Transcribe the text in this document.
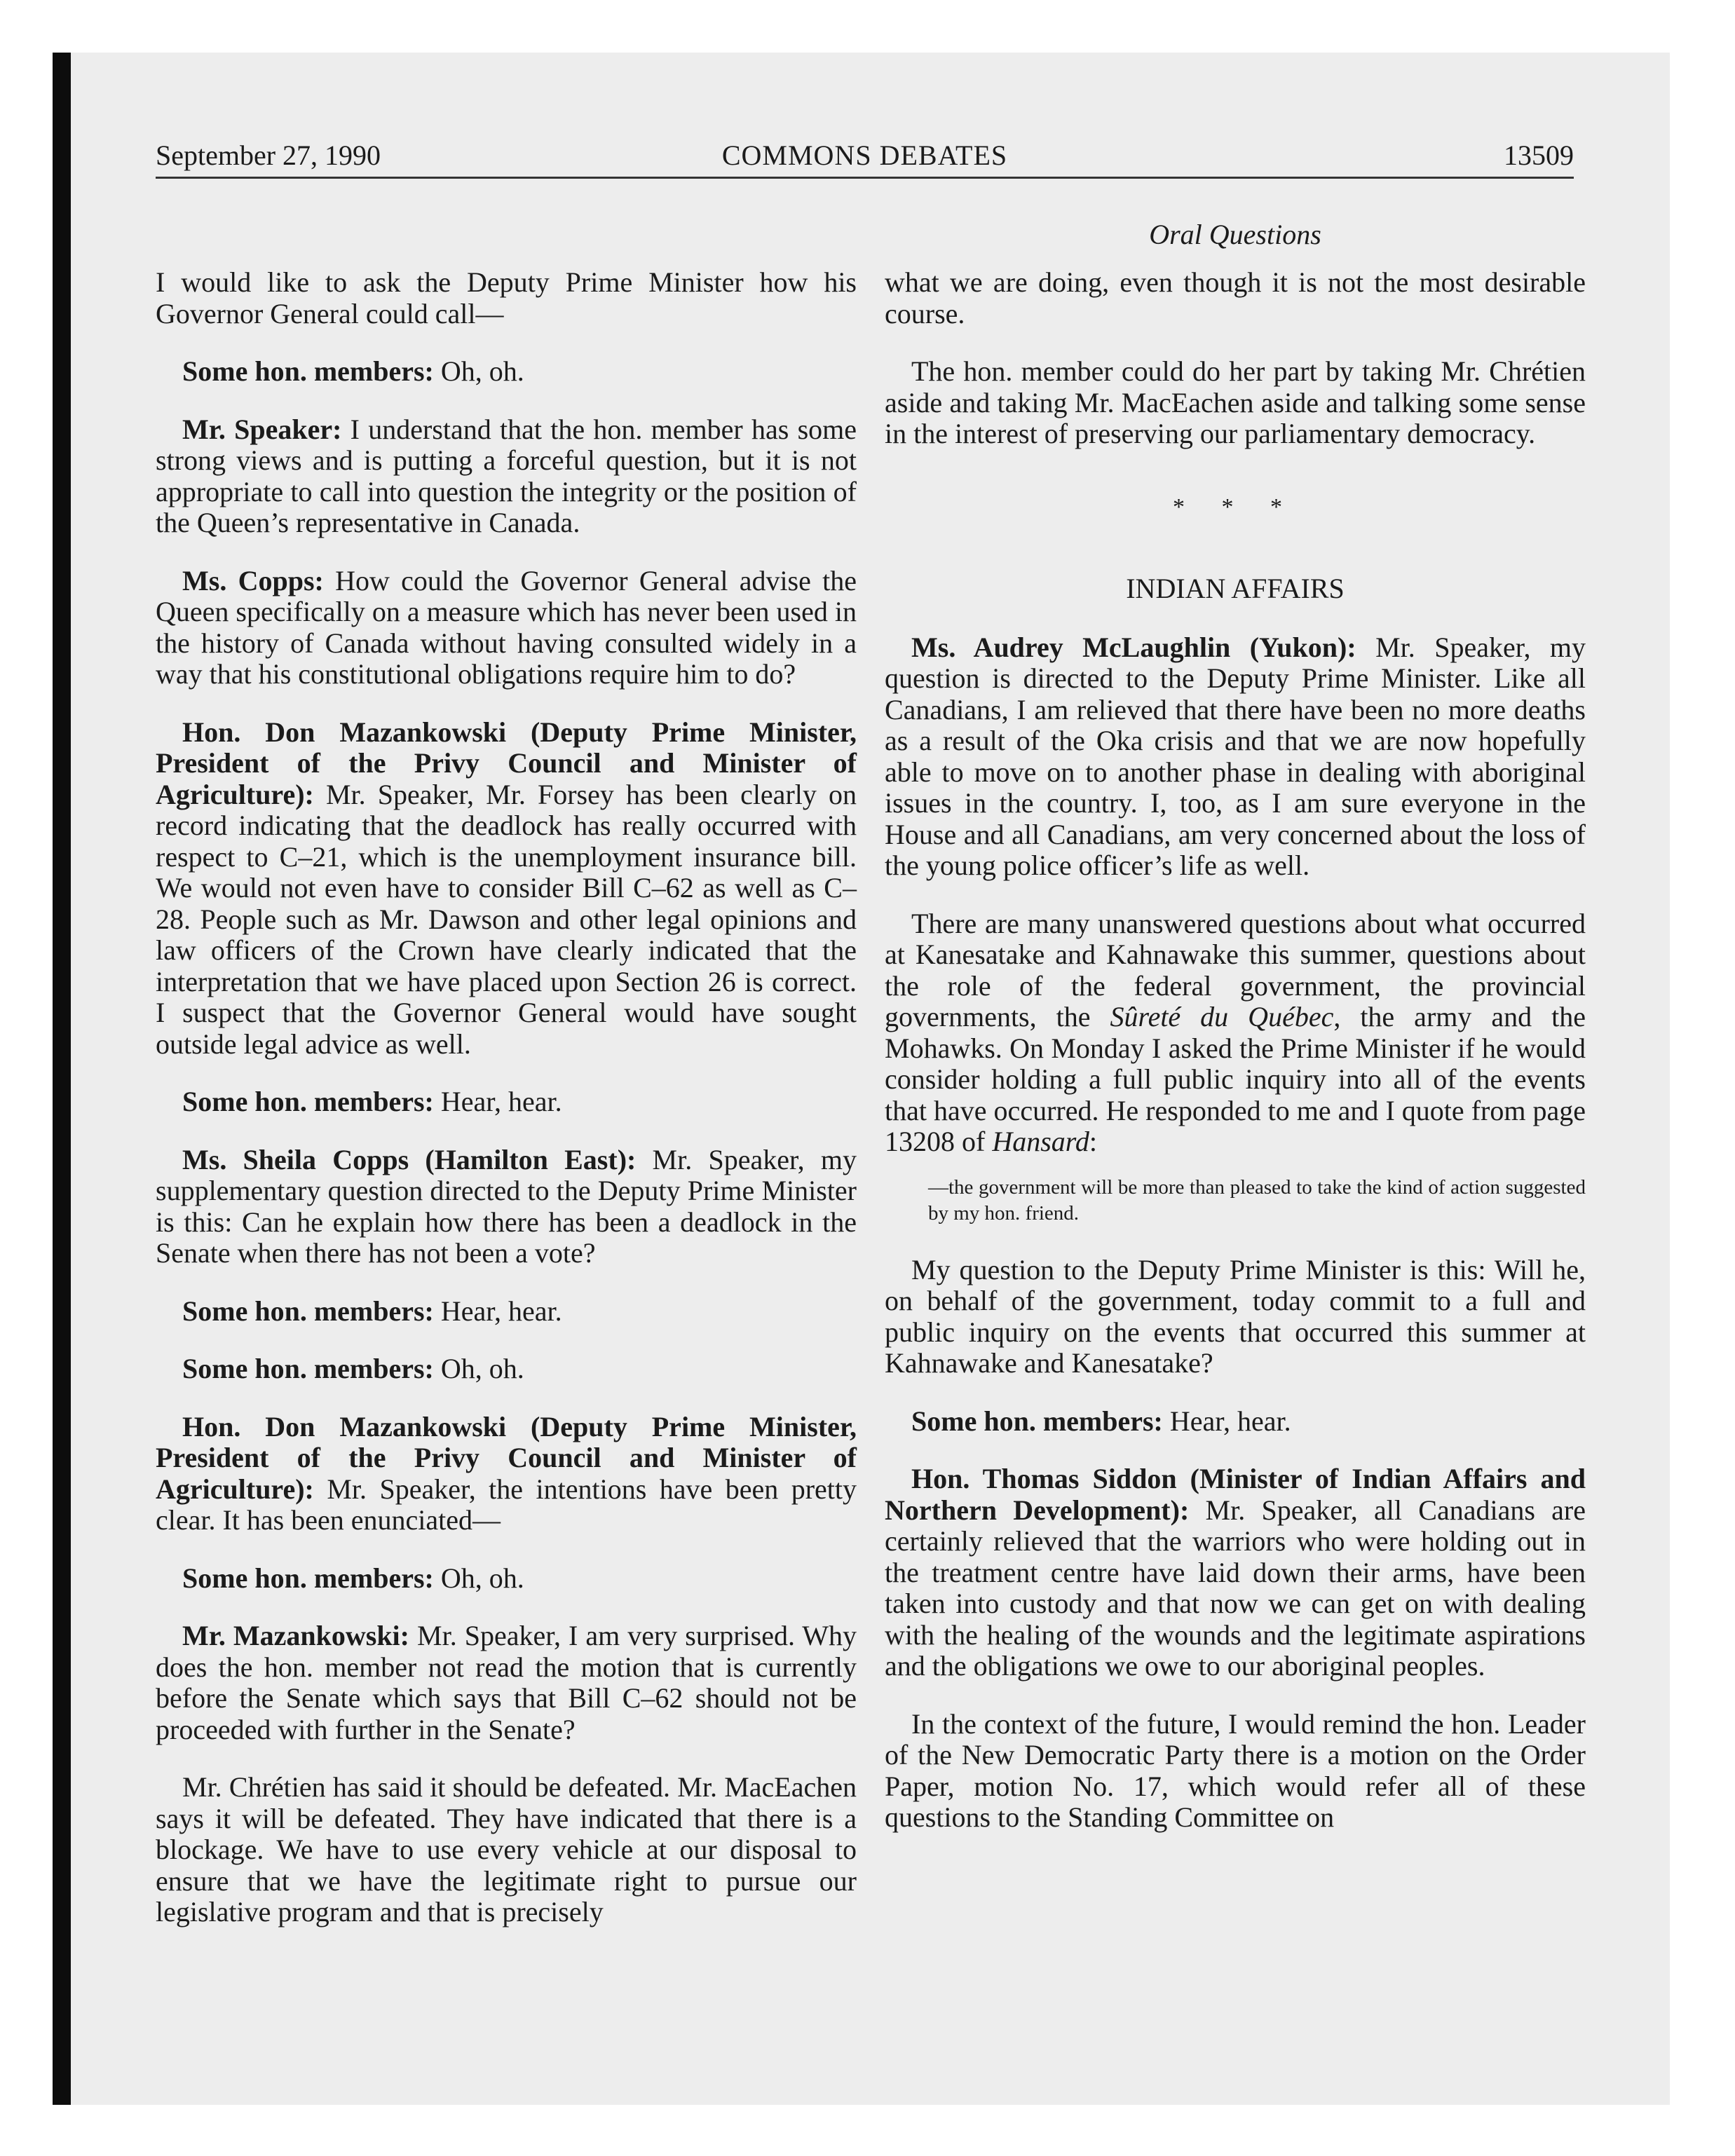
September 27, 1990	COMMONS DEBATES	13509
Oral Questions

I would like to ask the Deputy Prime Minister how his Governor General could call—

Some hon. members: Oh, oh.

Mr. Speaker: I understand that the hon. member has some strong views and is putting a forceful question, but it is not appropriate to call into question the integrity or the position of the Queen’s representative in Canada.

Ms. Copps: How could the Governor General advise the Queen specifically on a measure which has never been used in the history of Canada without having consulted widely in a way that his constitutional obligations require him to do?

Hon. Don Mazankowski (Deputy Prime Minister, President of the Privy Council and Minister of Agriculture): Mr. Speaker, Mr. Forsey has been clearly on record indicating that the deadlock has really occurred with respect to C–21, which is the unemployment insurance bill. We would not even have to consider Bill C–62 as well as C–28. People such as Mr. Dawson and other legal opinions and law officers of the Crown have clearly indicated that the interpretation that we have placed upon Section 26 is correct. I suspect that the Governor General would have sought outside legal advice as well.

Some hon. members: Hear, hear.

Ms. Sheila Copps (Hamilton East): Mr. Speaker, my supplementary question directed to the Deputy Prime Minister is this: Can he explain how there has been a deadlock in the Senate when there has not been a vote?

Some hon. members: Hear, hear.

Some hon. members: Oh, oh.

Hon. Don Mazankowski (Deputy Prime Minister, President of the Privy Council and Minister of Agriculture): Mr. Speaker, the intentions have been pretty clear. It has been enunciated—

Some hon. members: Oh, oh.

Mr. Mazankowski: Mr. Speaker, I am very surprised. Why does the hon. member not read the motion that is currently before the Senate which says that Bill C–62 should not be proceeded with further in the Senate?

Mr. Chrétien has said it should be defeated. Mr. MacEachen says it will be defeated. They have indicated that there is a blockage. We have to use every vehicle at our disposal to ensure that we have the legitimate right to pursue our legislative program and that is precisely

what we are doing, even though it is not the most desirable course.

The hon. member could do her part by taking Mr. Chrétien aside and taking Mr. MacEachen aside and talking some sense in the interest of preserving our parliamentary democracy.

* * *
INDIAN AFFAIRS

Ms. Audrey McLaughlin (Yukon): Mr. Speaker, my question is directed to the Deputy Prime Minister. Like all Canadians, I am relieved that there have been no more deaths as a result of the Oka crisis and that we are now hopefully able to move on to another phase in dealing with aboriginal issues in the country. I, too, as I am sure everyone in the House and all Canadians, am very concerned about the loss of the young police officer’s life as well.

There are many unanswered questions about what occurred at Kanesatake and Kahnawake this summer, questions about the role of the federal government, the provincial governments, the Sûreté du Québec, the army and the Mohawks. On Monday I asked the Prime Minister if he would consider holding a full public inquiry into all of the events that have occurred. He responded to me and I quote from page 13208 of Hansard:

—the government will be more than pleased to take the kind of action suggested by my hon. friend.

My question to the Deputy Prime Minister is this: Will he, on behalf of the government, today commit to a full and public inquiry on the events that occurred this summer at Kahnawake and Kanesatake?

Some hon. members: Hear, hear.

Hon. Thomas Siddon (Minister of Indian Affairs and Northern Development): Mr. Speaker, all Canadians are certainly relieved that the warriors who were holding out in the treatment centre have laid down their arms, have been taken into custody and that now we can get on with dealing with the healing of the wounds and the legitimate aspirations and the obligations we owe to our aboriginal peoples.

In the context of the future, I would remind the hon. Leader of the New Democratic Party there is a motion on the Order Paper, motion No. 17, which would refer all of these questions to the Standing Committee on
